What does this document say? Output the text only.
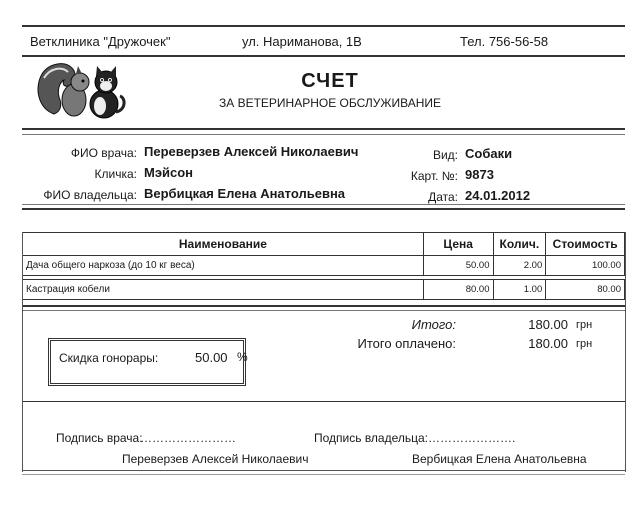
Ветклиника "Дружочек"	ул. Нариманова, 1В	Тел. 756-56-58
СЧЕТ
ЗА ВЕТЕРИНАРНОЕ ОБСЛУЖИВАНИЕ
ФИО врача: Переверзев Алексей Николаевич
Кличка: Мэйсон
ФИО владельца: Вербицкая Елена Анатольевна
Вид: Собаки
Карт. №: 9873
Дата: 24.01.2012
Наименование	Цена	Колич.	Стоимость
Дача общего наркоза (до 10 кг веса)	50.00	2.00	100.00

Кастрация кобели	80.00	1.00	80.00
Итого:	180.00 грн
Итого оплачено:	180.00 грн
Скидка гонорары:	50.00 %
Подпись врача:
……………………	Подпись владельца: ………………….
Переверзев Алексей Николаевич	Вербицкая Елена Анатольевна
